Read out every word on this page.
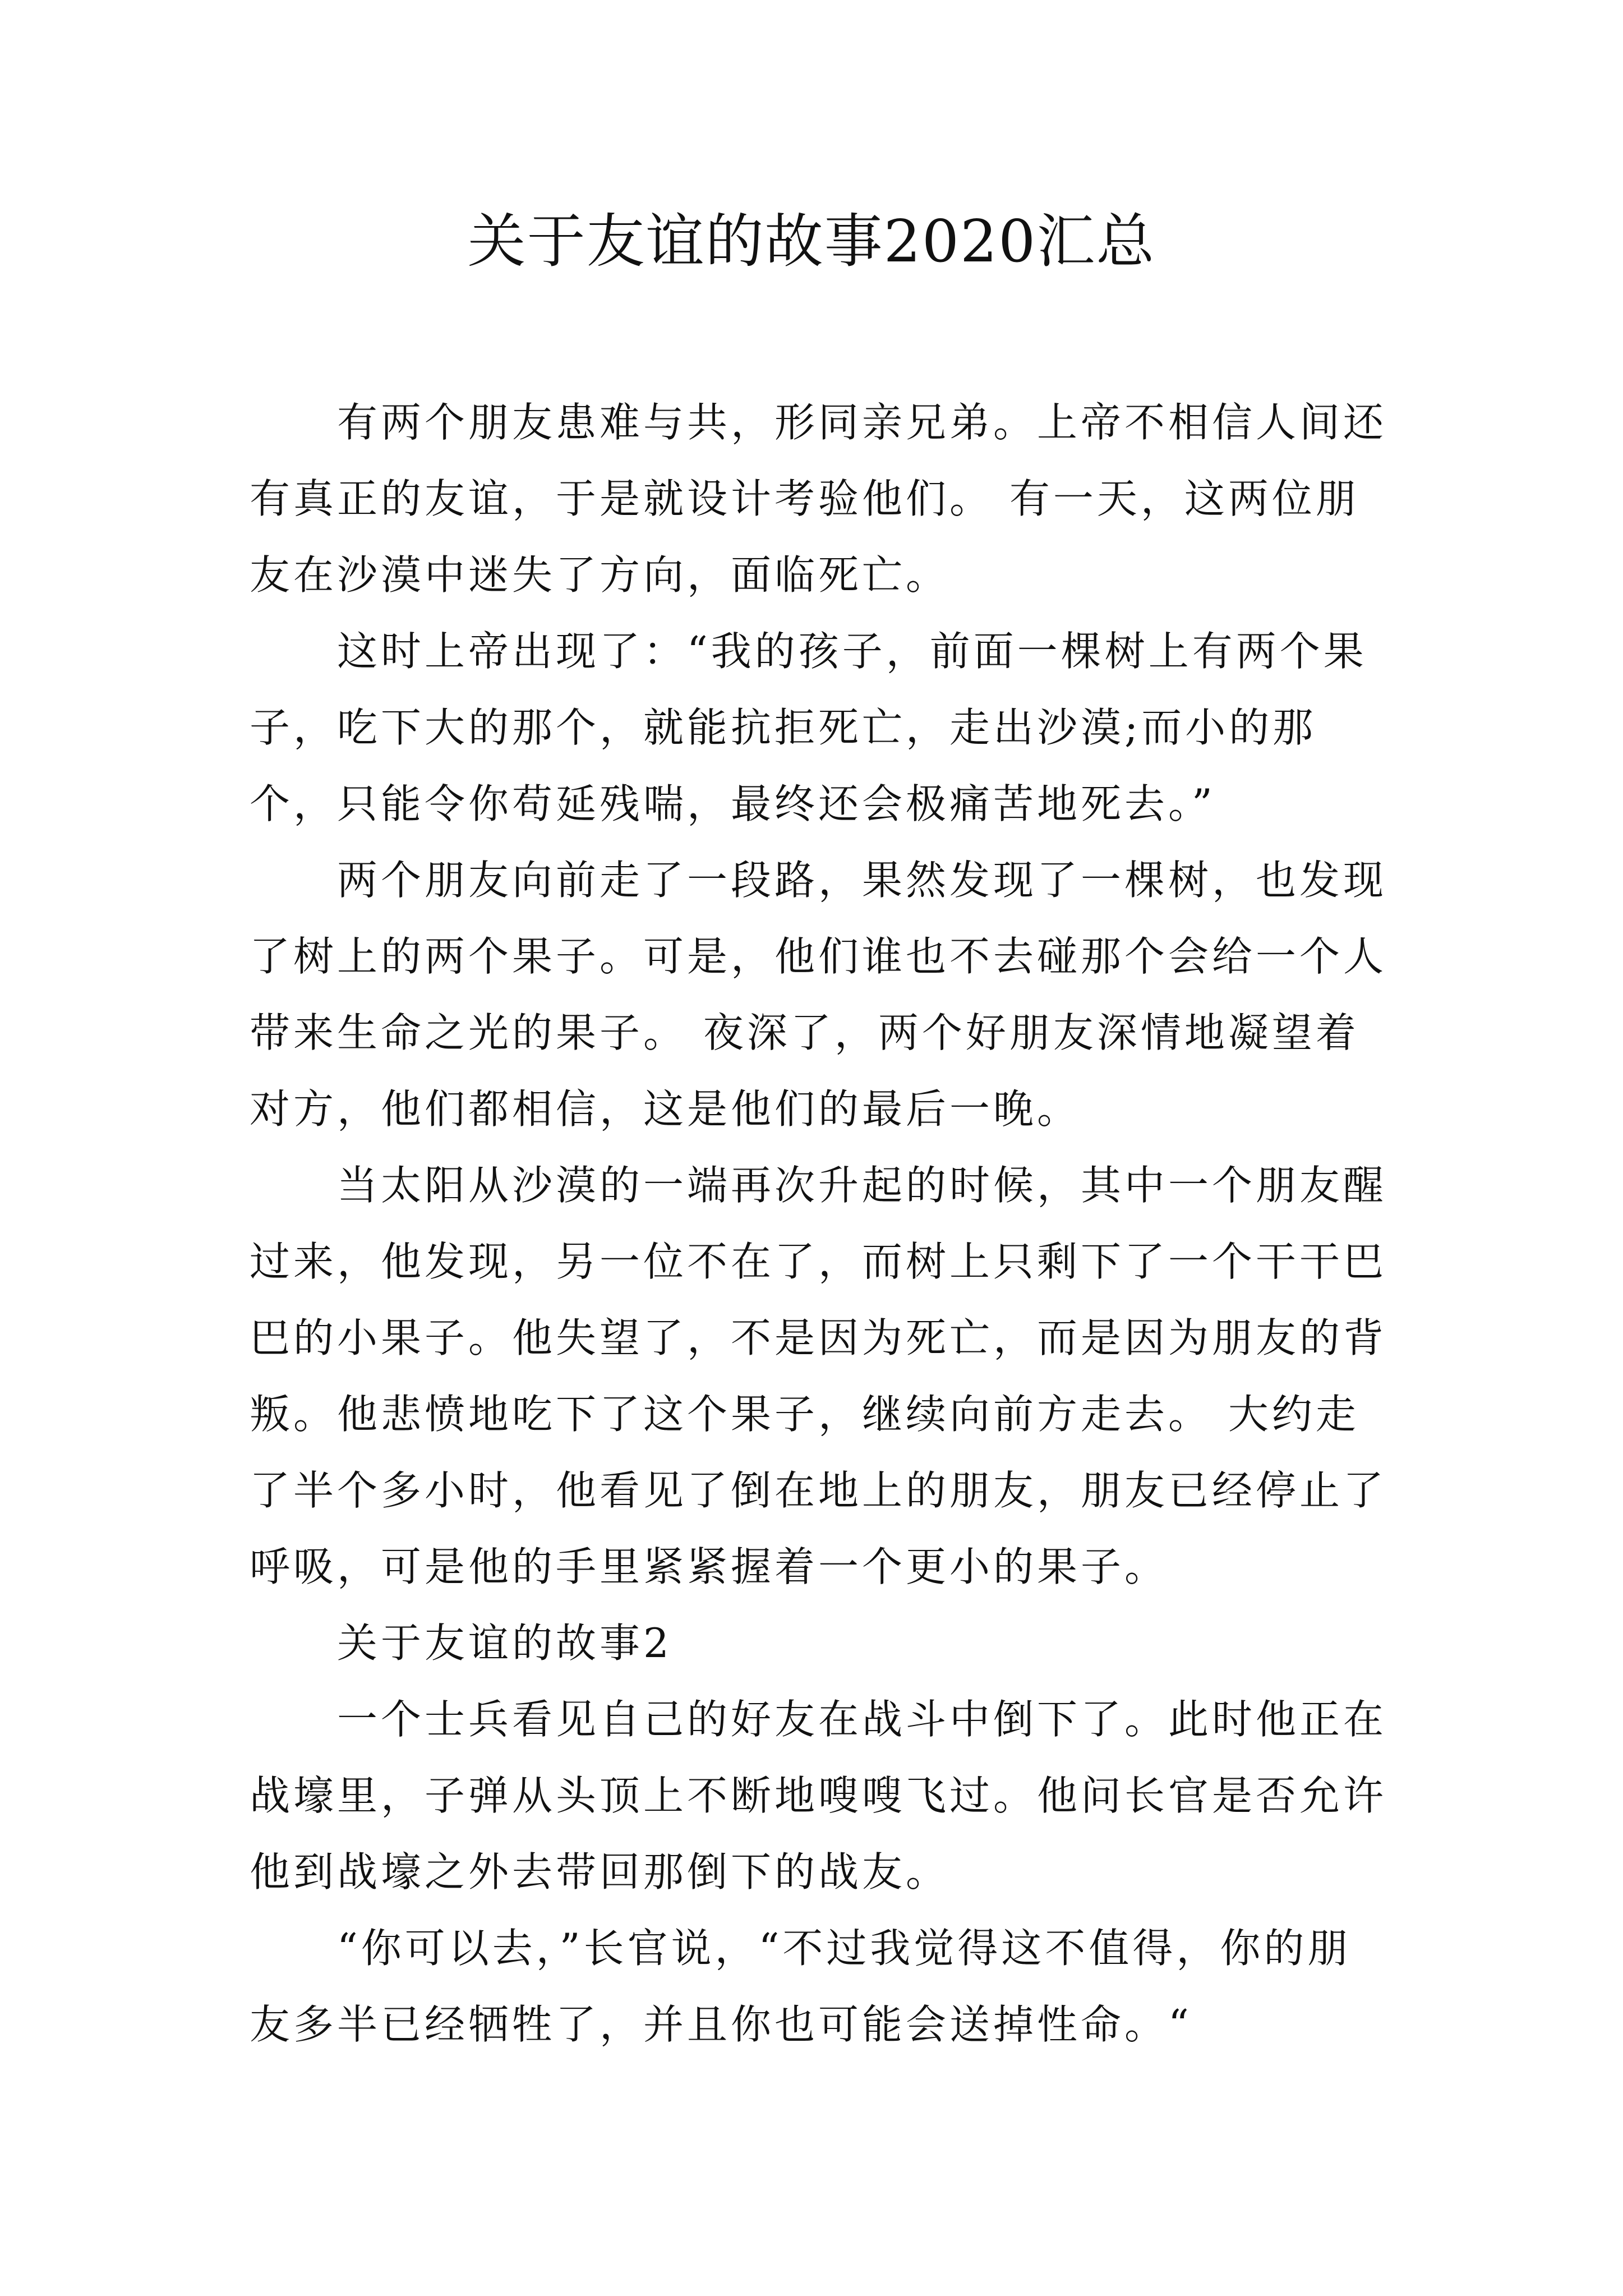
关于友谊的故事2020汇总

有两个朋友患难与共，形同亲兄弟。上帝不相信人间还有真正的友谊，于是就设计考验他们。 有一天，这两位朋友在沙漠中迷失了方向，面临死亡。

这时上帝出现了：“我的孩子，前面一棵树上有两个果子，吃下大的那个，就能抗拒死亡，走出沙漠;而小的那个，只能令你苟延残喘，最终还会极痛苦地死去。”

两个朋友向前走了一段路，果然发现了一棵树，也发现了树上的两个果子。可是，他们谁也不去碰那个会给一个人带来生命之光的果子。 夜深了，两个好朋友深情地凝望着对方，他们都相信，这是他们的最后一晚。

当太阳从沙漠的一端再次升起的时候，其中一个朋友醒过来，他发现，另一位不在了，而树上只剩下了一个干干巴巴的小果子。他失望了，不是因为死亡，而是因为朋友的背叛。他悲愤地吃下了这个果子，继续向前方走去。 大约走了半个多小时，他看见了倒在地上的朋友，朋友已经停止了呼吸，可是他的手里紧紧握着一个更小的果子。

关于友谊的故事2

一个士兵看见自己的好友在战斗中倒下了。此时他正在战壕里，子弹从头顶上不断地嗖嗖飞过。他问长官是否允许他到战壕之外去带回那倒下的战友。

“你可以去，”长官说，“不过我觉得这不值得，你的朋友多半已经牺牲了，并且你也可能会送掉性命。“
